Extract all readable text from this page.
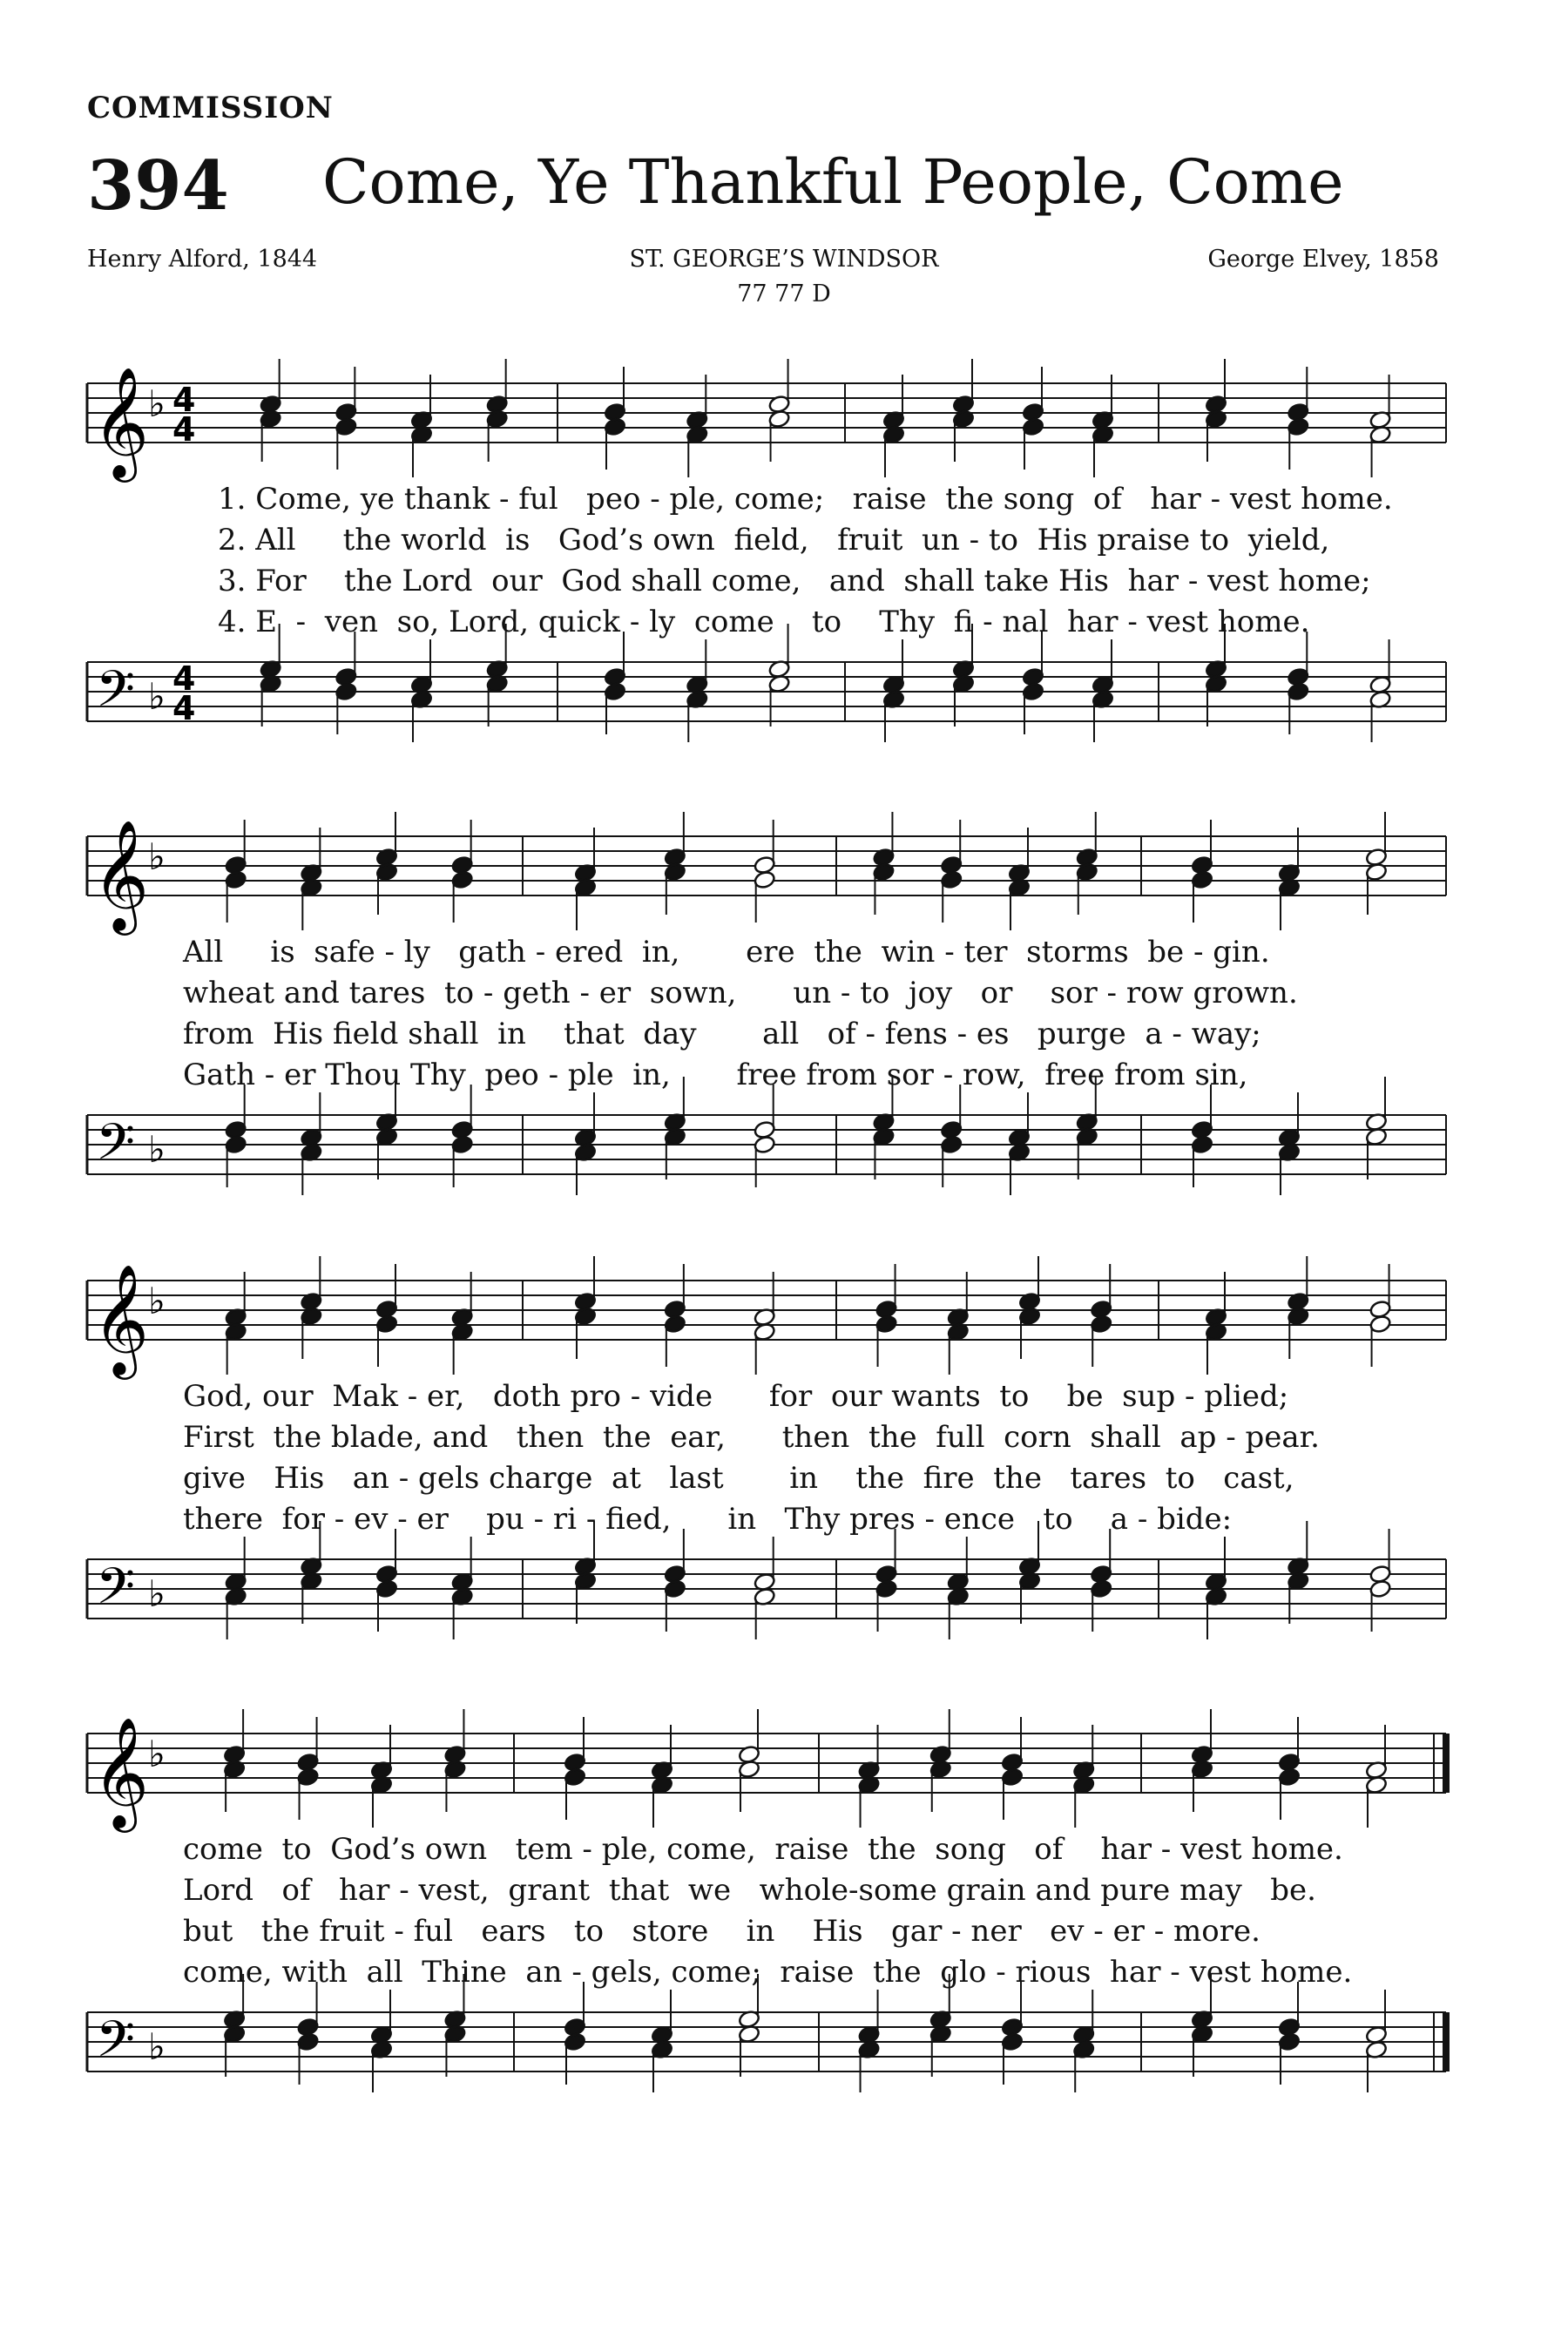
COMMISSION
394 Come, Ye Thankful People, Come
Henry Alford, 1844	ST. GEORGE’S WINDSOR	George Elvey, 1858
77 77 D
𝄞
♭ 4
4
1. Come, ye thank - ful   peo - ple, come;   raise  the song  of   har - vest home.
2. All     the world  is   God’s own  field,   fruit  un - to  His praise to  yield,
3. For    the Lord  our  God shall come,   and  shall take His  har - vest home;
4. E  -  ven  so, Lord, quick - ly  come    to    Thy  fi - nal  har - vest home.
𝄢 ♭ 4
4
𝄞
♭
All     is  safe - ly   gath - ered  in,       ere  the  win - ter  storms  be - gin.
wheat and tares  to - geth - er  sown,      un - to  joy   or    sor - row grown.
from  His field shall  in    that  day       all   of - fens - es   purge  a - way;
Gath - er Thou Thy  peo - ple  in,       free from sor - row,  free from sin,
𝄢 ♭
𝄞
♭
God, our  Mak - er,   doth pro - vide      for  our wants  to    be  sup - plied;
First  the blade, and   then  the  ear,      then  the  full  corn  shall  ap - pear.
give   His   an - gels charge  at   last       in    the  fire  the   tares  to   cast,
there  for - ev - er    pu - ri - fied,      in   Thy pres - ence   to    a - bide:
𝄢 ♭
𝄞
♭
come  to  God’s own   tem - ple, come,  raise  the  song   of    har - vest home.
Lord   of   har - vest,  grant  that  we   whole-some grain and pure may   be.
but   the fruit - ful   ears   to   store    in    His   gar - ner   ev - er - more.
come, with  all  Thine  an - gels, come;  raise  the  glo - rious  har - vest home.
𝄢 ♭
